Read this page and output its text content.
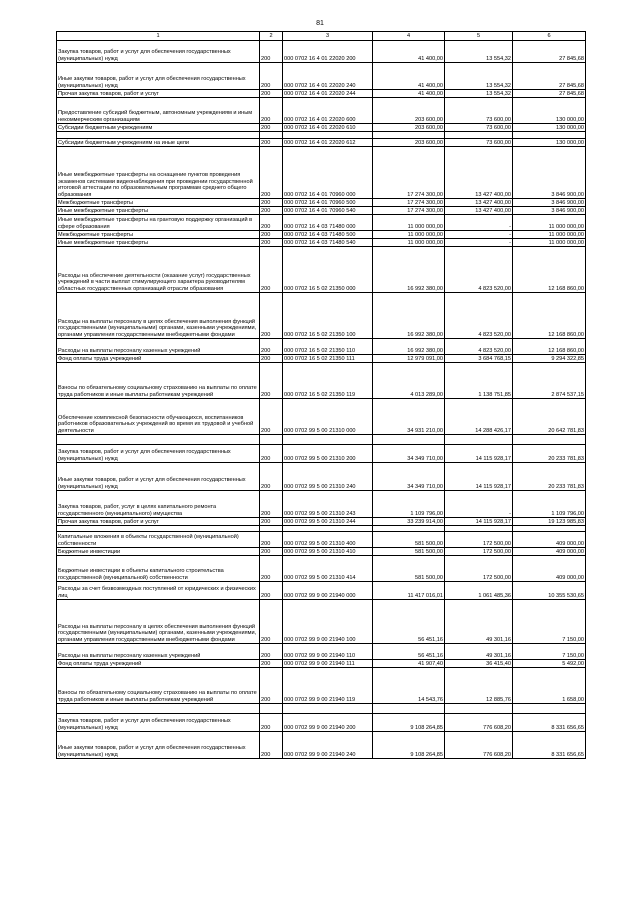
81
1	2	3	4	5	6
Закупка товаров, работ и услуг для обеспечения государственных (муниципальных) нужд	200	000 0702 16 4 01 22020 200	41 400,00	13 554,32	27 845,68
Иные закупки товаров, работ и услуг для обеспечения государственных (муниципальных) нужд	200	000 0702 16 4 01 22020 240	41 400,00	13 554,32	27 845,68
Прочая закупка товаров, работ и услуг	200	000 0702 16 4 01 22020 244	41 400,00	13 554,32	27 845,68
Предоставление субсидий бюджетным, автономным учреждениям и иным некоммерческим организациям	200	000 0702 16 4 01 22020 600	203 600,00	73 600,00	130 000,00
Субсидии бюджетным учреждениям	200	000 0702 16 4 01 22020 610	203 600,00	73 600,00	130 000,00

Субсидии бюджетным учреждениям на иные цели	200	000 0702 16 4 01 22020 612	203 600,00	73 600,00	130 000,00
Иные межбюджетные трансферты на оснащение пунктов проведения экзаменов системами видеонаблюдения при проведении государственной итоговой аттестации по образовательным программам среднего общего образования	200	000 0702 16 4 01 70960 000	17 274 300,00	13 427 400,00	3 846 900,00
Межбюджетные трансферты	200	000 0702 16 4 01 70960 500	17 274 300,00	13 427 400,00	3 846 900,00
Иные межбюджетные трансферты	200	000 0702 16 4 01 70960 540	17 274 300,00	13 427 400,00	3 846 900,00
Иные межбюджетные трансферты на грантовую поддержку организаций в сфере образования	200	000 0702 16 4 03 71480 000	11 000 000,00	-	11 000 000,00
Межбюджетные трансферты	200	000 0702 16 4 03 71480 500	11 000 000,00	-	11 000 000,00
Иные межбюджетные трансферты	200	000 0702 16 4 03 71480 540	11 000 000,00	-	11 000 000,00
Расходы на обеспечение деятельности (оказание услуг) государственных учреждений в части выплат стимулирующего характера руководителям областных государственных организаций отрасли образования	200	000 0702 16 5 02 21350 000	16 992 380,00	4 823 520,00	12 168 860,00
Расходы на выплаты персоналу в целях обеспечения выполнения функций государственными (муниципальными) органами, казенными учреждениями, органами управления государственными внебюджетными фондами	200	000 0702 16 5 02 21350 100	16 992 380,00	4 823 520,00	12 168 860,00
Расходы на выплаты персоналу казенных учреждений	200	000 0702 16 5 02 21350 110	16 992 380,00	4 823 520,00	12 168 860,00
Фонд оплаты труда учреждений	200	000 0702 16 5 02 21350 111	12 979 091,00	3 684 768,15	9 294 322,85
Взносы по обязательному социальному страхованию на выплаты по оплате труда работников и иные выплаты работникам учреждений	200	000 0702 16 5 02 21350 119	4 013 289,00	1 138 751,85	2 874 537,15
Обеспечение комплексной безопасности обучающихся, воспитанников работников образовательных учреждений во время их трудовой и учебной деятельности	200	000 0702 99 5 00 21310 000	34 931 210,00	14 288 426,17	20 642 781,83

Закупка товаров, работ и услуг для обеспечения государственных (муниципальных) нужд	200	000 0702 99 5 00 21310 200	34 349 710,00	14 115 928,17	20 233 781,83
Иные закупки товаров, работ и услуг для обеспечения государственных (муниципальных) нужд	200	000 0702 99 5 00 21310 240	34 349 710,00	14 115 928,17	20 233 781,83
Закупка товаров, работ, услуг в целях капитального ремонта государственного (муниципального) имущества	200	000 0702 99 5 00 21310 243	1 109 796,00	-	1 109 796,00
Прочая закупка товаров, работ и услуг	200	000 0702 99 5 00 21310 244	33 239 914,00	14 115 928,17	19 123 985,83

Капитальные вложения в объекты государственной (муниципальной) собственности	200	000 0702 99 5 00 21310 400	581 500,00	172 500,00	409 000,00
Бюджетные инвестиции	200	000 0702 99 5 00 21310 410	581 500,00	172 500,00	409 000,00
Бюджетные инвестиции в объекты капитального строительства государственной (муниципальной) собственности	200	000 0702 99 5 00 21310 414	581 500,00	172 500,00	409 000,00
Расходы за счет безвозмездных поступлений от юридических и физических лиц	200	000 0702 99 9 00 21940 000	11 417 016,01	1 061 485,36	10 355 530,65
Расходы на выплаты персоналу в целях обеспечения выполнения функций государственными (муниципальными) органами, казенными учреждениями, органами управления государственными внебюджетными фондами	200	000 0702 99 9 00 21940 100	56 451,16	49 301,16	7 150,00
Расходы на выплаты персоналу казенных учреждений	200	000 0702 99 9 00 21940 110	56 451,16	49 301,16	7 150,00
Фонд оплаты труда учреждений	200	000 0702 99 9 00 21940 111	41 907,40	36 415,40	5 492,00
Взносы по обязательному социальному страхованию на выплаты по оплате труда работников и иные выплаты работникам учреждений	200	000 0702 99 9 00 21940 119	14 543,76	12 885,76	1 658,00

Закупка товаров, работ и услуг для обеспечения государственных (муниципальных) нужд	200	000 0702 99 9 00 21940 200	9 108 264,85	776 608,20	8 331 656,65
Иные закупки товаров, работ и услуг для обеспечения государственных (муниципальных) нужд	200	000 0702 99 9 00 21940 240	9 108 264,85	776 608,20	8 331 656,65
